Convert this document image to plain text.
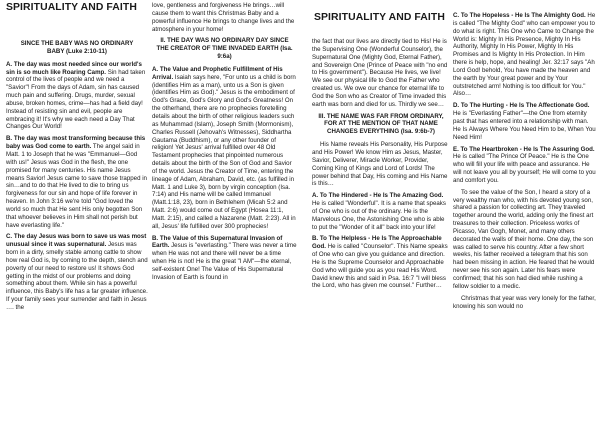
SPIRITUALITY AND FAITH

SINCE THE BABY WAS NO ORDINARY BABY (Luke 2:10-11)

A. The day was most needed since our world's sin is so much like Roaring Camp. Sin had taken control of the lives of people and we need a "Savior"! From the days of Adam, sin has caused much pain and suffering. Drugs, murder, sexual abuse, broken homes, crime—has had a field day! Instead of resisting sin and evil, people are embracing it! It's why we each need a Day That Changes Our World!

B. The day was most transforming because this baby was God come to earth. The angel said in Matt. 1 to Joseph that he was "Emmanuel—God with us!" Jesus was God in the flesh, the one promised for many centuries. His name Jesus means Savior! Jesus came to save those trapped in sin…and to do that He lived to die to bring us forgiveness for our sin and hope of life forever in heaven. In John 3:16 we're told "God loved the world so much that He sent His only begotten Son that whoever believes in Him shall not perish but have everlasting life."

C. The day Jesus was born to save us was most unusual since it was supernatural. Jesus was born in a dirty, smelly stable among cattle to show how real God is, by coming to the depth, stench and poverty of our need to restore us! It shows God getting in the midst of our problems and doing something about them. While sin has a powerful influence, this Baby's life has a far greater influence. If your family sees your surrender and faith in Jesus …. the

love, gentleness and forgiveness He brings…will cause them to want this Christmas Baby and a powerful influence He brings to change lives and the atmosphere in your home!

II. THE DAY WAS NO ORDINARY DAY SINCE THE CREATOR OF TIME INVADED EARTH (Isa. 9:6a)

A. The Value and Prophetic Fulfillment of His Arrival. Isaiah says here, "For unto us a child is born (identifies Him as a man), unto us a Son is given (identifies Him as God)." Jesus is the embodiment of God's Grace, God's Glory and God's Greatness! On the otherhand, there are no prophecies foretelling details about the birth of other religious leaders such as Muhammad (Islam), Joseph Smith (Mormonism), Charles Russell (Jehovah's Witnesses), Siddhartha Gautama (Buddhism), or any other founder of religion! Yet Jesus' arrival fulfilled over 48 Old Testament prophecies that pinpointed numerous details about the birth of the Son of God and Savior of the world. Jesus the Creator of Time, entering the lineage of Adam, Abraham, David, etc. (as fulfilled in Matt. 1 and Luke 3), born by virgin conception (Isa. 7:14) and His name will be called Immanuel (Matt.1:18, 23), born in Bethlehem (Micah 5:2 and Matt. 2:6) would come out of Egypt (Hosea 11:1, Matt. 2:15), and called a Nazarene (Matt. 2:23). All in all, Jesus' life fulfilled over 300 prophecies!

B. The Value of this Supernatural Invasion of Earth. Jesus is "everlasting." There was never a time when He was not and there will never be a time when He is not! He is the great "I AM"—the eternal, self-existent One! The Value of His Supernatural Invasion of Earth is found in

SPIRITUALITY AND FAITH

the fact that our lives are directly tied to His! He is the Supervising One (Wonderful Counselor), the Supernatural One (Mighty God, Eternal Father), and Sovereign One (Prince of Peace with "no end to His government"). Because He lives, we live! We see our physical life to God the Father who created us. We owe our chance for eternal life to God the Son who as Creator of Time invaded this earth was born and died for us. Thirdly we see…

III. THE NAME WAS FAR FROM ORDINARY, FOR AT THE MENTION OF THAT NAME CHANGES EVERYTHING (Isa. 9:6b-7)

His Name reveals His Personality, His Purpose and His Power! We know Him as Jesus, Master, Savior, Deliverer, Miracle Worker, Provider, Coming King of Kings and Lord of Lords! The power behind that Day, His coming and His Name is this…

A. To The Hindered - He Is The Amazing God. He is called "Wonderful". It is a name that speaks of One who is out of the ordinary. He is the Marvelous One, the Astonishing One who is able to put the "Wonder of it all" back into your life!

B. To The Helpless - He Is The Approachable God. He is called "Counselor". This Name speaks of One who can give you guidance and direction. He is the Supreme Counselor and Approachable God who will guide you as you read His Word. David knew this and said in Psa. 16:7 "I will bless the Lord, who has given me counsel." Further…

C. To The Hopeless - He Is The Almighty God. He is called "The Mighty God" who can empower you to do what is right. This One who Came to Change the World is: Mighty In His Presence, Mighty In His Authority, Mighty In His Power, Mighty In His Promises and Is Mighty In His Protection. In Him there is help, hope, and healing! Jer. 32:17 says "Ah Lord God! behold, You have made the heaven and the earth by Your great power and by Your outstretched arm! Nothing is too difficult for You." Also…

D. To The Hurting - He Is The Affectionate God. He is "Everlasting Father"—the One from eternity past that has entered into a relationship with man. He Is Always Where You Need Him to be, When You Need Him!

E. To The Heartbroken - He Is The Assuring God. He is called "The Prince Of Peace." He is the One who will fill your life with peace and assurance. He will not leave you all by yourself; He will come to you and comfort you.

To see the value of the Son, I heard a story of a very wealthy man who, with his devoted young son, shared a passion for collecting art. They traveled together around the world, adding only the finest art treasures to their collection. Priceless works of Picasso, Van Gogh, Monet, and many others decorated the walls of their home. One day, the son was called to serve his country. After a few short weeks, his father received a telegram that his son had been missing in action. He feared that he would never see his son again. Later his fears were confirmed; that his son had died while rushing a fellow soldier to a medic.

Christmas that year was very lonely for the father, knowing his son would no
